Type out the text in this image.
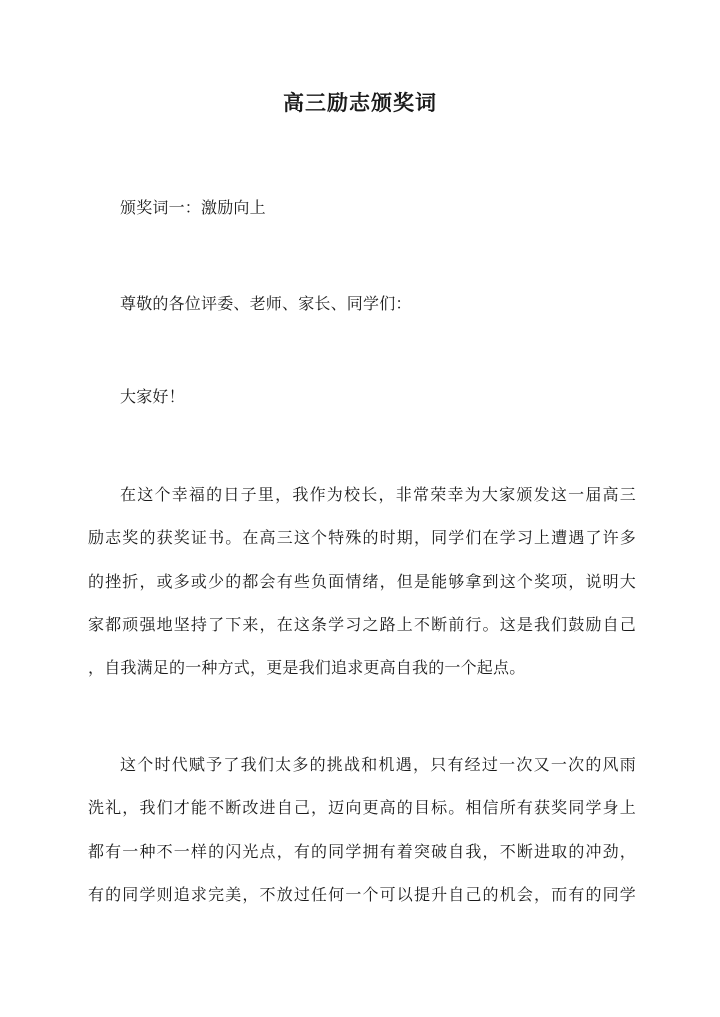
高三励志颁奖词
颁奖词一：激励向上
尊敬的各位评委、老师、家长、同学们：
大家好！
在这个幸福的日子里，我作为校长，非常荣幸为大家颁发这一届高三
励志奖的获奖证书。在高三这个特殊的时期，同学们在学习上遭遇了许多
的挫折，或多或少的都会有些负面情绪，但是能够拿到这个奖项，说明大
家都顽强地坚持了下来，在这条学习之路上不断前行。这是我们鼓励自己
，自我满足的一种方式，更是我们追求更高自我的一个起点。
这个时代赋予了我们太多的挑战和机遇，只有经过一次又一次的风雨
洗礼，我们才能不断改进自己，迈向更高的目标。相信所有获奖同学身上
都有一种不一样的闪光点，有的同学拥有着突破自我，不断进取的冲劲，
有的同学则追求完美，不放过任何一个可以提升自己的机会，而有的同学
